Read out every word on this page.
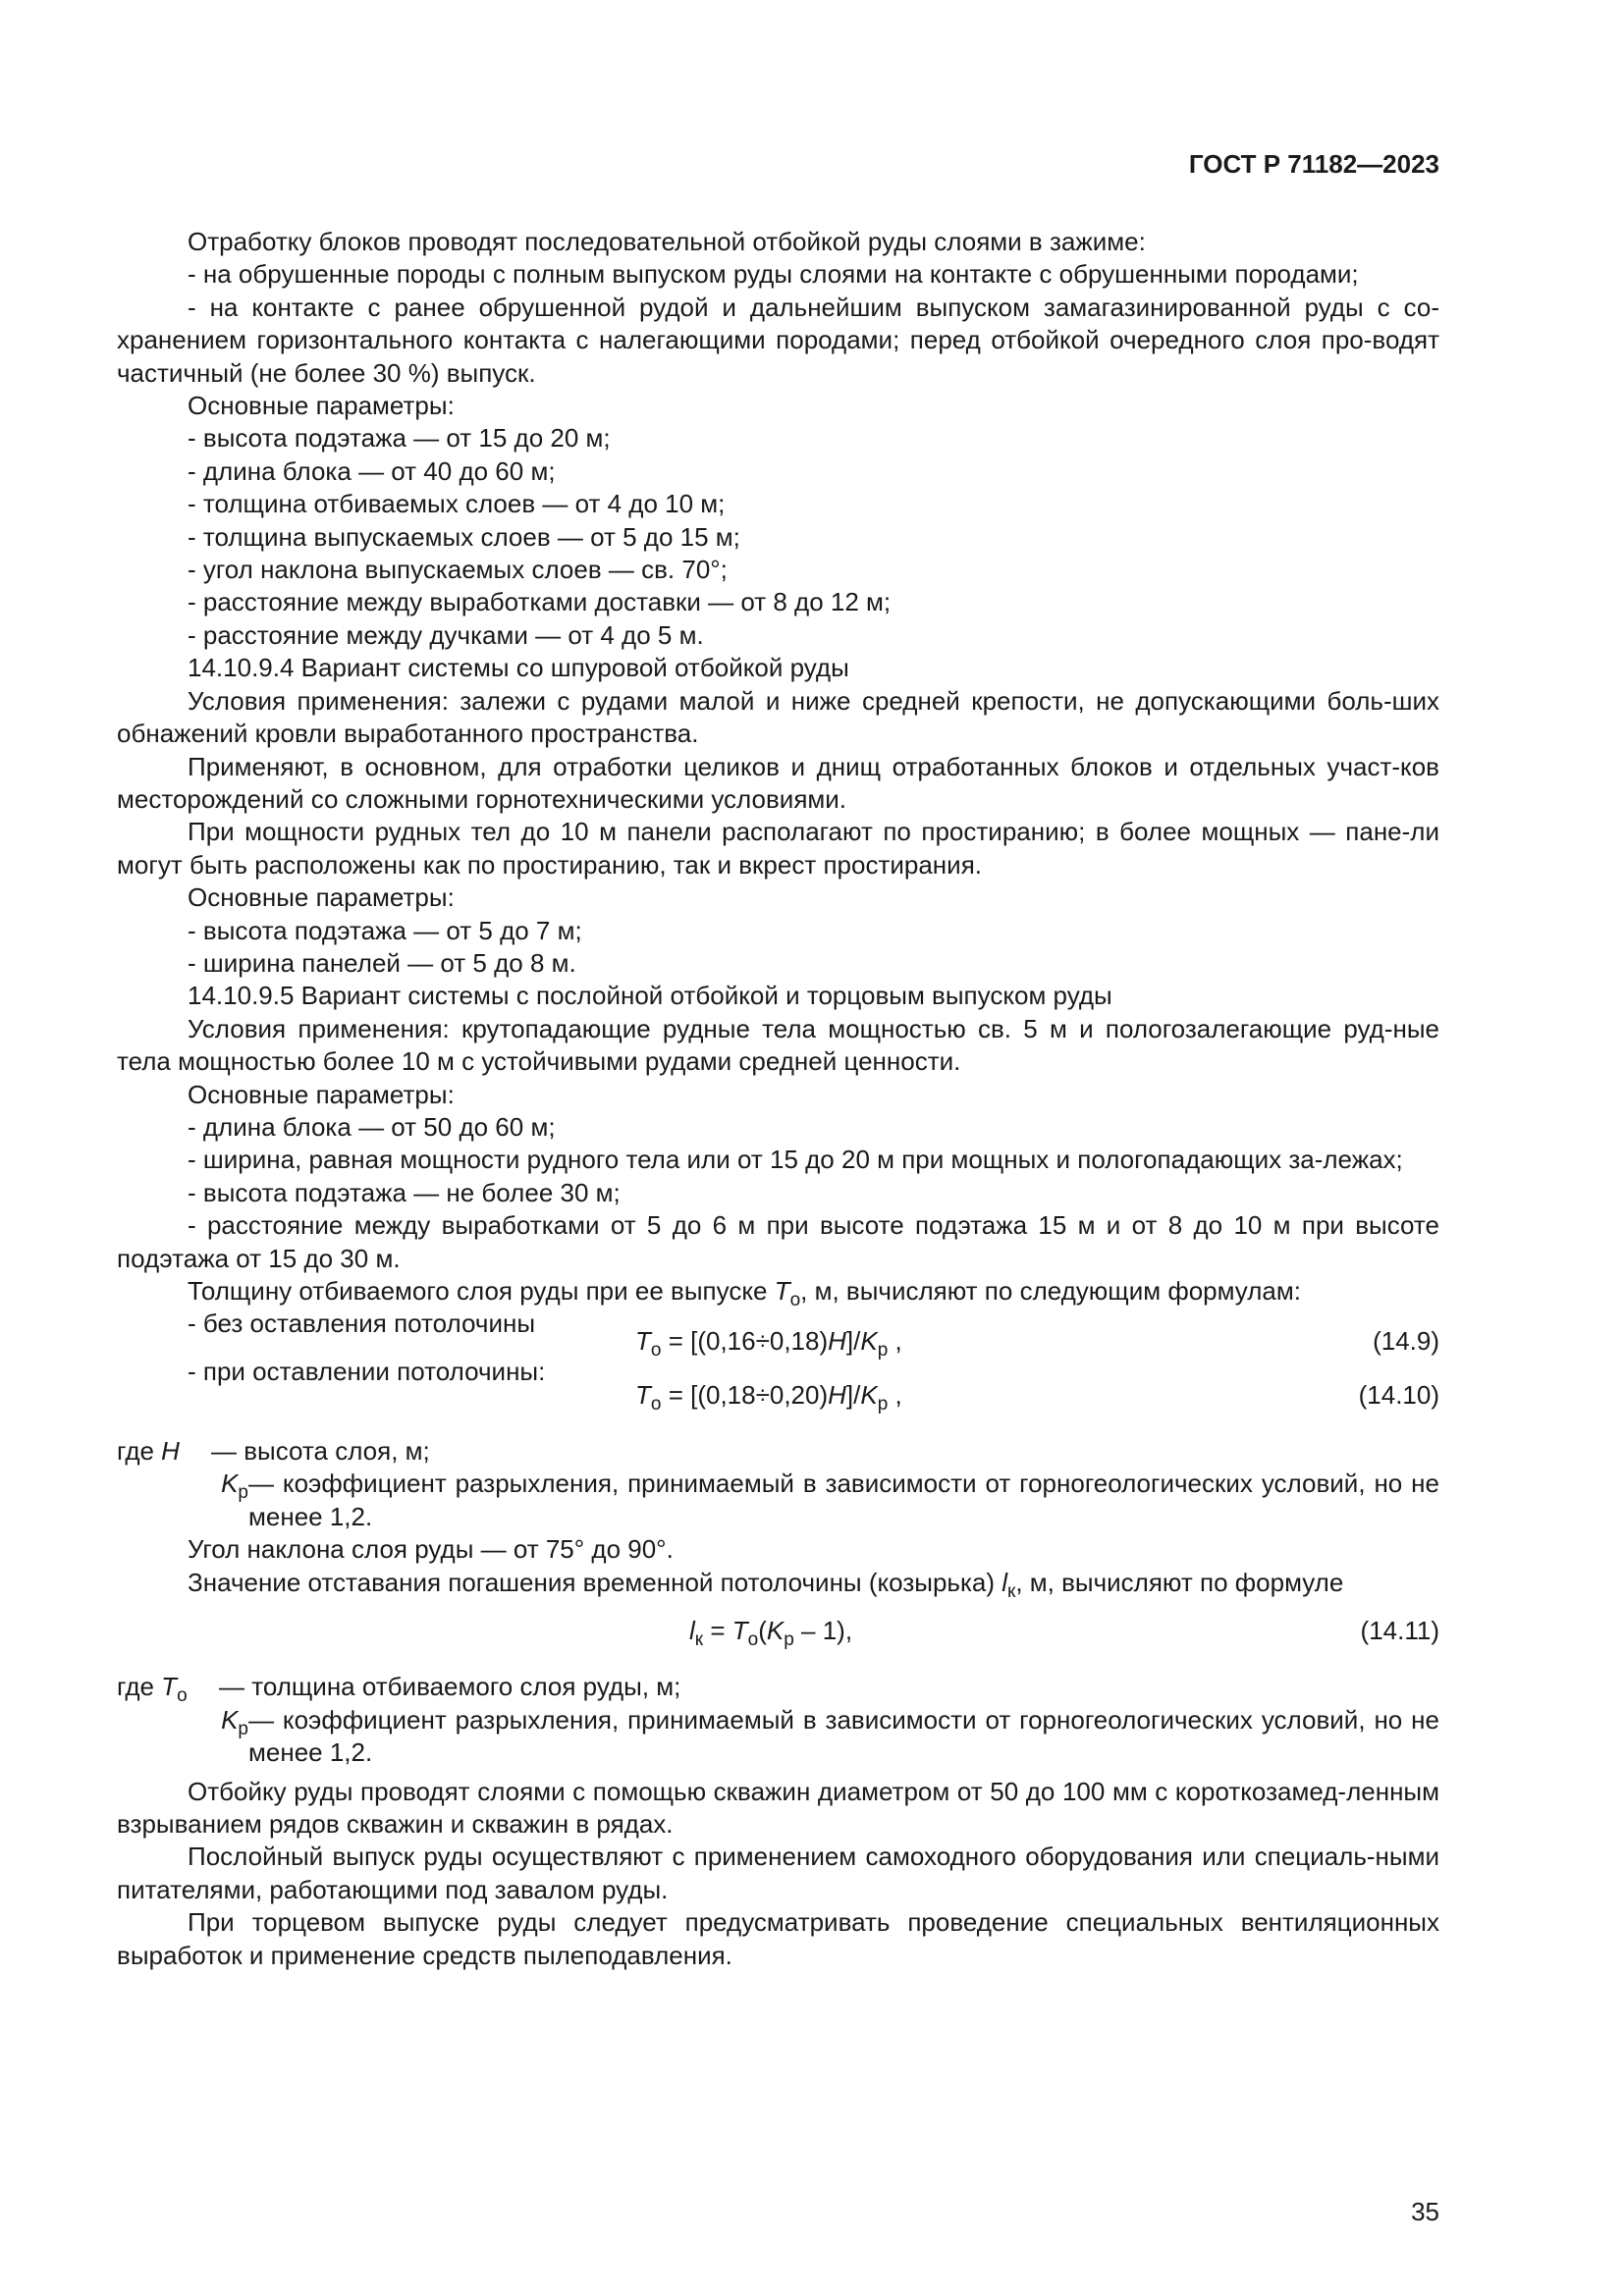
ГОСТ Р 71182—2023

Отработку блоков проводят последовательной отбойкой руды слоями в зажиме:

- на обрушенные породы с полным выпуском руды слоями на контакте с обрушенными породами;

- на контакте с ранее обрушенной рудой и дальнейшим выпуском замагазинированной руды с со-хранением горизонтального контакта с налегающими породами; перед отбойкой очередного слоя про-водят частичный (не более 30 %) выпуск.

Основные параметры:

- высота подэтажа — от 15 до 20 м;

- длина блока — от 40 до 60 м;

- толщина отбиваемых слоев — от 4 до 10 м;

- толщина выпускаемых слоев — от 5 до 15 м;

- угол наклона выпускаемых слоев — св. 70°;

- расстояние между выработками доставки — от 8 до 12 м;

- расстояние между дучками — от 4 до 5 м.

14.10.9.4 Вариант системы со шпуровой отбойкой руды

Условия применения: залежи с рудами малой и ниже средней крепости, не допускающими боль-ших обнажений кровли выработанного пространства.

Применяют, в основном, для отработки целиков и днищ отработанных блоков и отдельных участ-ков месторождений со сложными горнотехническими условиями.

При мощности рудных тел до 10 м панели располагают по простиранию; в более мощных — пане-ли могут быть расположены как по простиранию, так и вкрест простирания.

Основные параметры:

- высота подэтажа — от 5 до 7 м;

- ширина панелей — от 5 до 8 м.

14.10.9.5 Вариант системы с послойной отбойкой и торцовым выпуском руды

Условия применения: крутопадающие рудные тела мощностью св. 5 м и пологозалегающие руд-ные тела мощностью более 10 м с устойчивыми рудами средней ценности.

Основные параметры:

- длина блока — от 50 до 60 м;

- ширина, равная мощности рудного тела или от 15 до 20 м при мощных и пологопадающих за-лежах;

- высота подэтажа — не более 30 м;

- расстояние между выработками от 5 до 6 м при высоте подэтажа 15 м и от 8 до 10 м при высоте подэтажа от 15 до 30 м.

Толщину отбиваемого слоя руды при ее выпуске $T_о$, м, вычисляют по следующим формулам:

- без оставления потолочины

$T_о = [(0,16\div 0,18)H]/K_р$ ,	(14.9)

- при оставлении потолочины:

$T_о = [(0,18\div 0,20)H]/K_р$ ,	(14.10)
где H	— высота слоя, м;
$K_р$ — коэффициент разрыхления, принимаемый в зависимости от горногеологических условий, но не менее 1,2.

Угол наклона слоя руды — от 75° до 90°.

Значение отставания погашения временной потолочины (козырька) $l_к$, м, вычисляют по формуле

$l_к = T_о(K_р - 1)$,	(14.11)
где $T_о$	— толщина отбиваемого слоя руды, м;
$K_р$ — коэффициент разрыхления, принимаемый в зависимости от горногеологических условий, но не менее 1,2.

Отбойку руды проводят слоями с помощью скважин диаметром от 50 до 100 мм с короткозамед-ленным взрыванием рядов скважин и скважин в рядах.

Послойный выпуск руды осуществляют с применением самоходного оборудования или специаль-ными питателями, работающими под завалом руды.

При торцевом выпуске руды следует предусматривать проведение специальных вентиляционных выработок и применение средств пылеподавления.

35
